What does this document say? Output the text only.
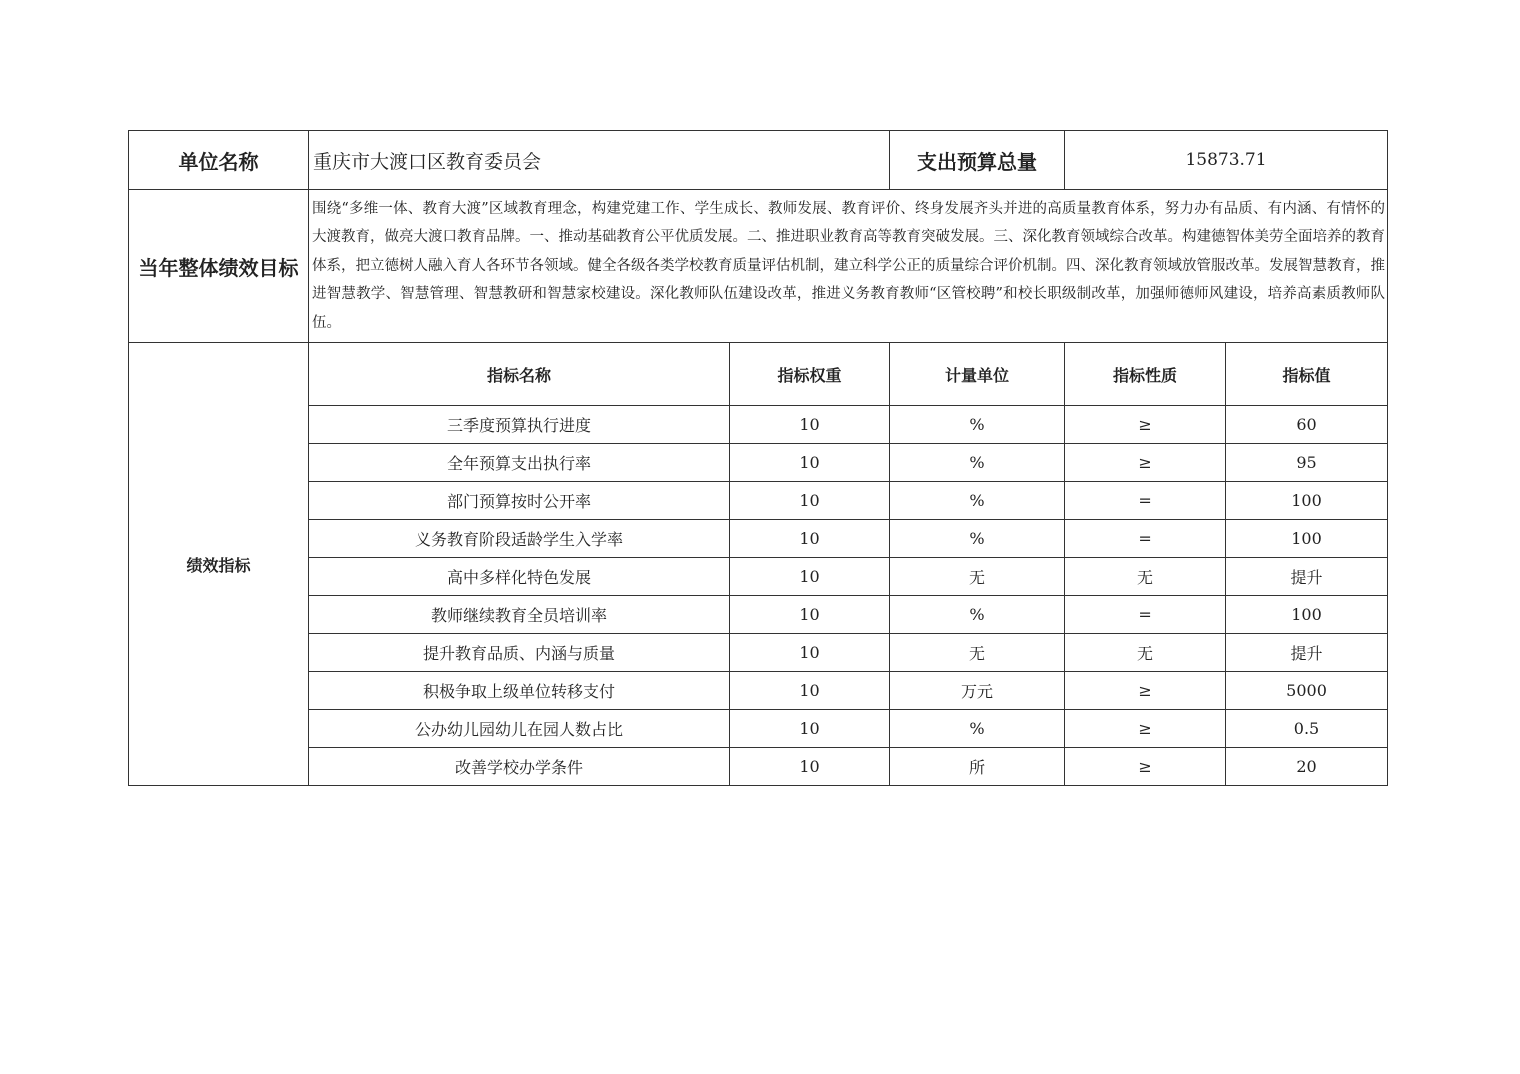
单位名称	重庆市大渡口区教育委员会		支出预算总量	15873.71	
当年整体绩效目标	围绕“多维一体、教育大渡”区域教育理念，构建党建工作、学生成长、教师发展、教育评价、终身发展齐头并进的高质量教育体系，努力办有品质、有内涵、有情怀的大渡教育，做亮大渡口教育品牌。一、推动基础教育公平优质发展。二、推进职业教育高等教育突破发展。三、深化教育领域综合改革。构建德智体美劳全面培养的教育体系，把立德树人融入育人各环节各领域。健全各级各类学校教育质量评估机制，建立科学公正的质量综合评价机制。四、深化教育领域放管服改革。发展智慧教育，推进智慧教学、智慧管理、智慧教研和智慧家校建设。深化教师队伍建设改革，推进义务教育教师“区管校聘”和校长职级制改革，加强师德师风建设，培养高素质教师队伍。				
绩效指标	指标名称	指标权重	计量单位	指标性质	指标值
	三季度预算执行进度	10	%	≥	60
	全年预算支出执行率	10	%	≥	95
	部门预算按时公开率	10	%	=	100
	义务教育阶段适龄学生入学率	10	%	=	100
	高中多样化特色发展	10	无	无	提升
	教师继续教育全员培训率	10	%	=	100
	提升教育品质、内涵与质量	10	无	无	提升
	积极争取上级单位转移支付	10	万元	≥	5000
	公办幼儿园幼儿在园人数占比	10	%	≥	0.5
	改善学校办学条件	10	所	≥	20
